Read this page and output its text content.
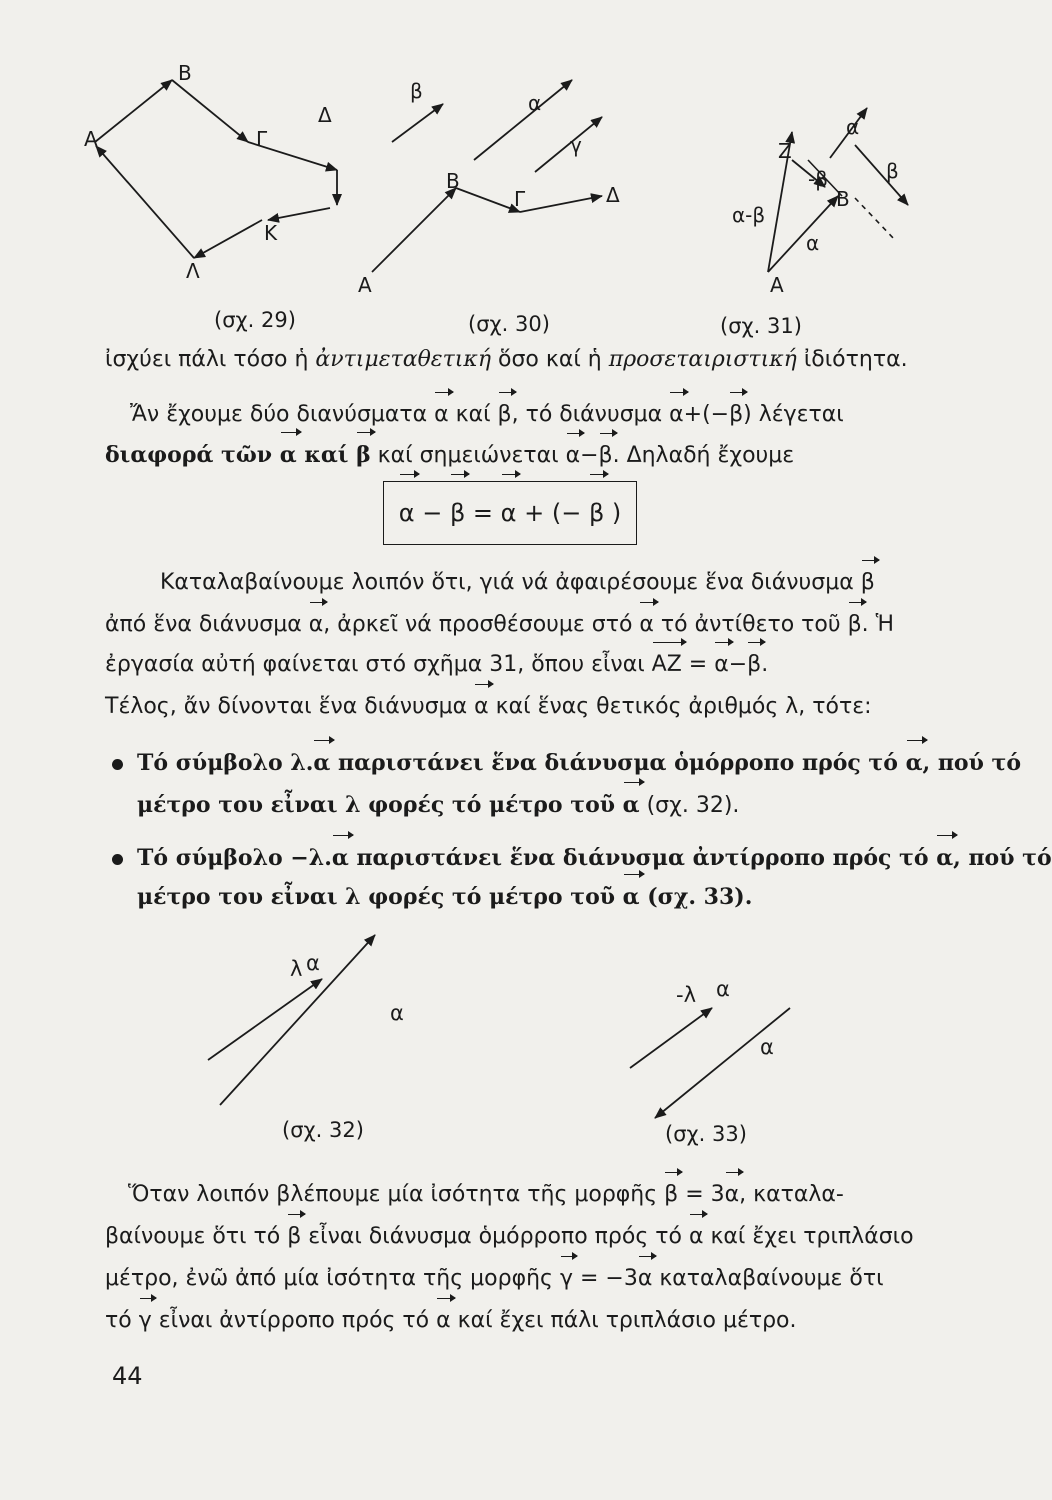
Α
Β
Γ
Δ
Κ
Λ
β	α
γ
Β
Γ	Δ
Α
Ζ
α
β
-β
α-β
Β
α
Α
λ α
α
-λ α
α
(σχ. 29)	(σχ. 30)	(σχ. 31)
(σχ. 32)	(σχ. 33)
ἰσχύει πάλι τόσο ἡ ἀντιμεταθετική ὅσο καί ἡ προσεταιριστική ἰδιότητα.
Ἄν ἔχουμε δύο διανύσματα α καί β, τό διάνυσμα α+(−β) λέγεται
διαφορά τῶν α καί β καί σημειώνεται α−β. Δηλαδή ἔχουμε
α − β = α + (− β )
Καταλαβαίνουμε λοιπόν ὅτι, γιά νά ἀφαιρέσουμε ἕνα διάνυσμα β
ἀπό ἕνα διάνυσμα α, ἀρκεῖ νά προσθέσουμε στό α τό ἀντίθετο τοῦ β. Ἡ
ἐργασία αὐτή φαίνεται στό σχῆμα 31, ὅπου εἶναι ΑΖ = α−β.
Τέλος, ἄν δίνονται ἕνα διάνυσμα α καί ἕνας θετικός ἀριθμός λ, τότε:
Τό σύμβολο λ.α παριστάνει ἕνα διάνυσμα ὁμόρροπο πρός τό α, πού τό
μέτρο του εἶναι λ φορές τό μέτρο τοῦ α (σχ. 32).
Τό σύμβολο −λ.α παριστάνει ἕνα διάνυσμα ἀντίρροπο πρός τό α, πού τό
μέτρο του εἶναι λ φορές τό μέτρο τοῦ α (σχ. 33).
Ὅταν λοιπόν βλέπουμε μία ἰσότητα τῆς μορφῆς β = 3α, καταλα-
βαίνουμε ὅτι τό β εἶναι διάνυσμα ὁμόρροπο πρός τό α καί ἔχει τριπλάσιο
μέτρο, ἐνῶ ἀπό μία ἰσότητα τῆς μορφῆς γ = −3α καταλαβαίνουμε ὅτι
τό γ εἶναι ἀντίρροπο πρός τό α καί ἔχει πάλι τριπλάσιο μέτρο.
44
